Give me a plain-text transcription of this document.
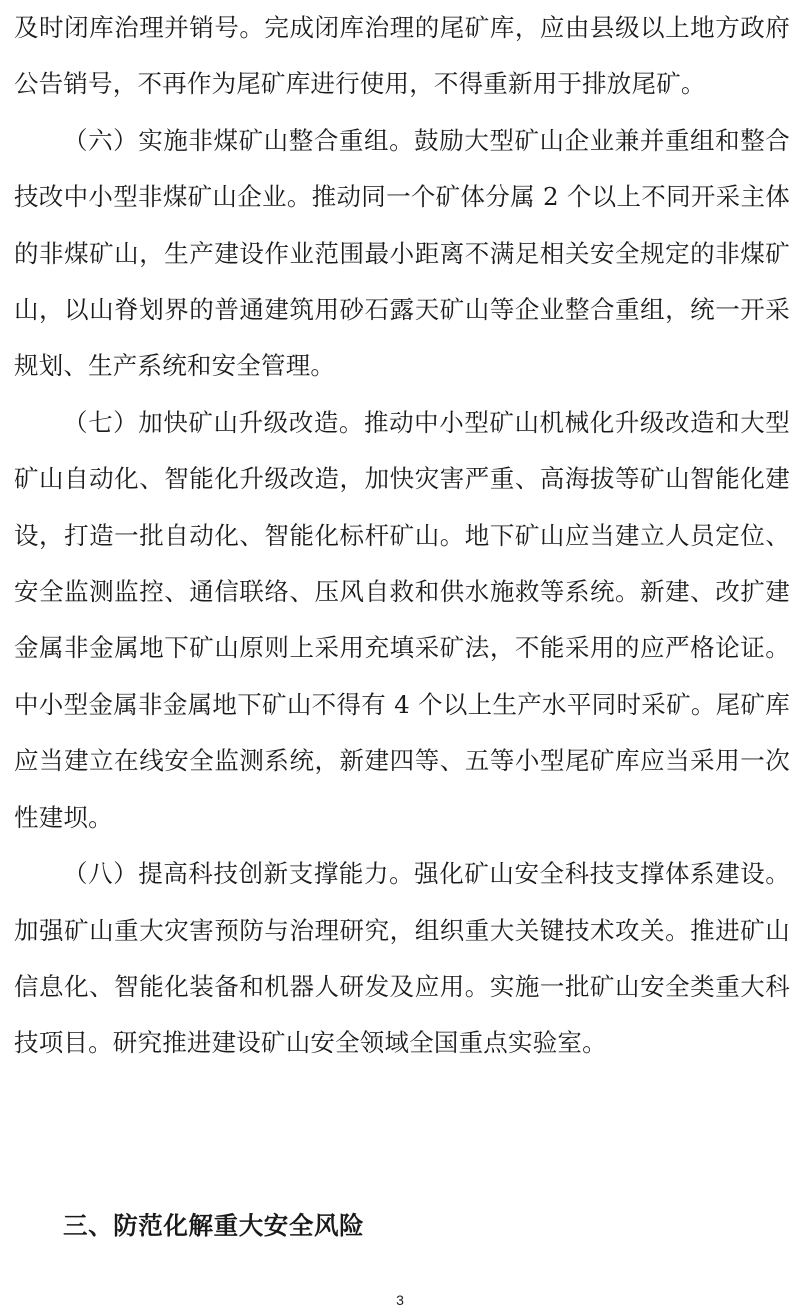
及时闭库治理并销号。完成闭库治理的尾矿库，应由县级以上地方政府公告销号，不再作为尾矿库进行使用，不得重新用于排放尾矿。

（六）实施非煤矿山整合重组。鼓励大型矿山企业兼并重组和整合技改中小型非煤矿山企业。推动同一个矿体分属 2 个以上不同开采主体的非煤矿山，生产建设作业范围最小距离不满足相关安全规定的非煤矿山，以山脊划界的普通建筑用砂石露天矿山等企业整合重组，统一开采规划、生产系统和安全管理。

（七）加快矿山升级改造。推动中小型矿山机械化升级改造和大型矿山自动化、智能化升级改造，加快灾害严重、高海拔等矿山智能化建设，打造一批自动化、智能化标杆矿山。地下矿山应当建立人员定位、安全监测监控、通信联络、压风自救和供水施救等系统。新建、改扩建金属非金属地下矿山原则上采用充填采矿法，不能采用的应严格论证。中小型金属非金属地下矿山不得有 4 个以上生产水平同时采矿。尾矿库应当建立在线安全监测系统，新建四等、五等小型尾矿库应当采用一次性建坝。

（八）提高科技创新支撑能力。强化矿山安全科技支撑体系建设。加强矿山重大灾害预防与治理研究，组织重大关键技术攻关。推进矿山信息化、智能化装备和机器人研发及应用。实施一批矿山安全类重大科技项目。研究推进建设矿山安全领域全国重点实验室。

三、防范化解重大安全风险
3
